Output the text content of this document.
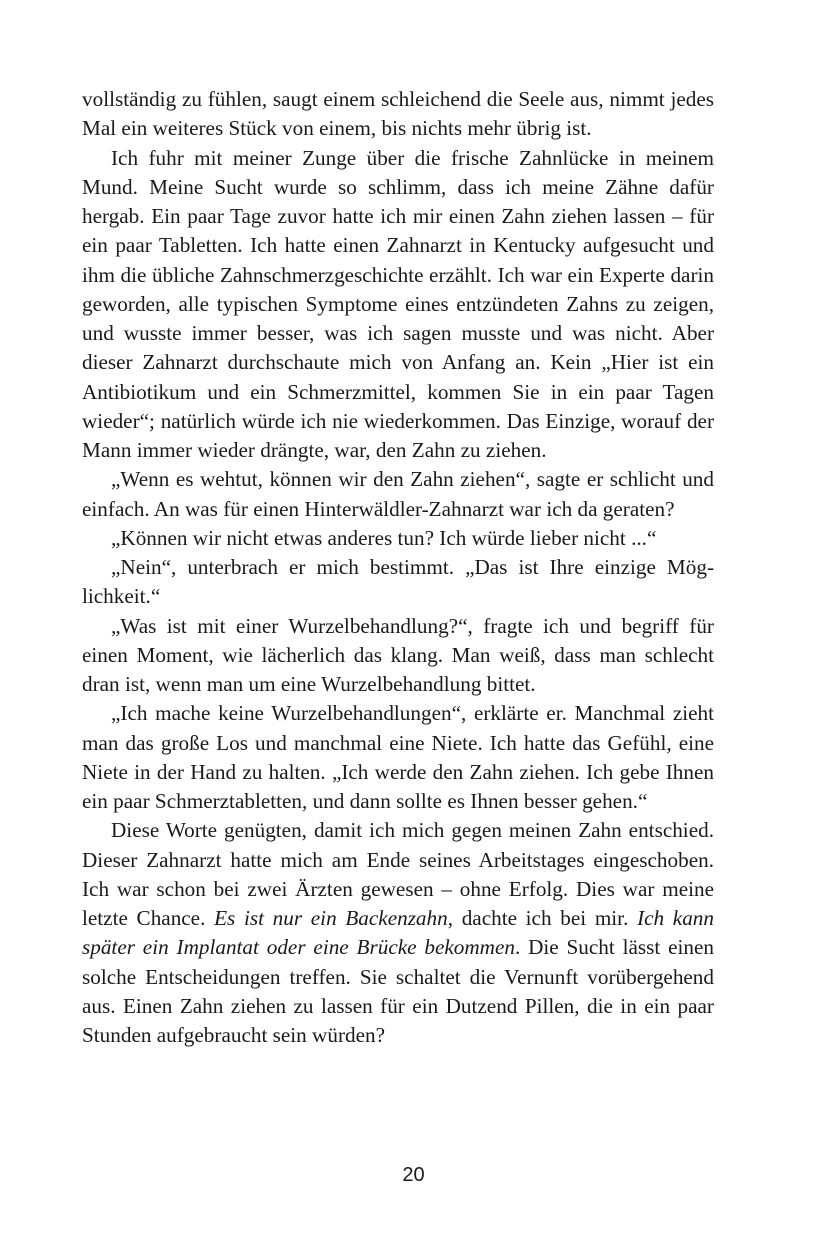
vollständig zu fühlen, saugt einem schleichend die Seele aus, nimmt jedes Mal ein weiteres Stück von einem, bis nichts mehr übrig ist.

Ich fuhr mit meiner Zunge über die frische Zahnlücke in meinem Mund. Meine Sucht wurde so schlimm, dass ich meine Zähne dafür hergab. Ein paar Tage zuvor hatte ich mir einen Zahn ziehen lassen – für ein paar Tabletten. Ich hatte einen Zahnarzt in Kentucky aufgesucht und ihm die übliche Zahnschmerzgeschichte erzählt. Ich war ein Experte darin geworden, alle typischen Symptome eines entzündeten Zahns zu zeigen, und wusste immer besser, was ich sagen musste und was nicht. Aber dieser Zahnarzt durchschaute mich von Anfang an. Kein „Hier ist ein Antibiotikum und ein Schmerzmittel, kommen Sie in ein paar Tagen wieder“; natürlich würde ich nie wiederkommen. Das Einzige, worauf der Mann immer wieder drängte, war, den Zahn zu ziehen.

„Wenn es wehtut, können wir den Zahn ziehen“, sagte er schlicht und einfach. An was für einen Hinterwäldler-Zahnarzt war ich da geraten?

„Können wir nicht etwas anderes tun? Ich würde lieber nicht ...“

„Nein“, unterbrach er mich bestimmt. „Das ist Ihre einzige Möglichkeit.“

„Was ist mit einer Wurzelbehandlung?“, fragte ich und begriff für einen Moment, wie lächerlich das klang. Man weiß, dass man schlecht dran ist, wenn man um eine Wurzelbehandlung bittet.

„Ich mache keine Wurzelbehandlungen“, erklärte er. Manchmal zieht man das große Los und manchmal eine Niete. Ich hatte das Gefühl, eine Niete in der Hand zu halten. „Ich werde den Zahn ziehen. Ich gebe Ihnen ein paar Schmerztabletten, und dann sollte es Ihnen besser gehen.“

Diese Worte genügten, damit ich mich gegen meinen Zahn entschied. Dieser Zahnarzt hatte mich am Ende seines Arbeitstages eingeschoben. Ich war schon bei zwei Ärzten gewesen – ohne Erfolg. Dies war meine letzte Chance. Es ist nur ein Backenzahn, dachte ich bei mir. Ich kann später ein Implantat oder eine Brücke bekommen. Die Sucht lässt einen solche Entscheidungen treffen. Sie schaltet die Vernunft vorübergehend aus. Einen Zahn ziehen zu lassen für ein Dutzend Pillen, die in ein paar Stunden aufgebraucht sein würden?

20
